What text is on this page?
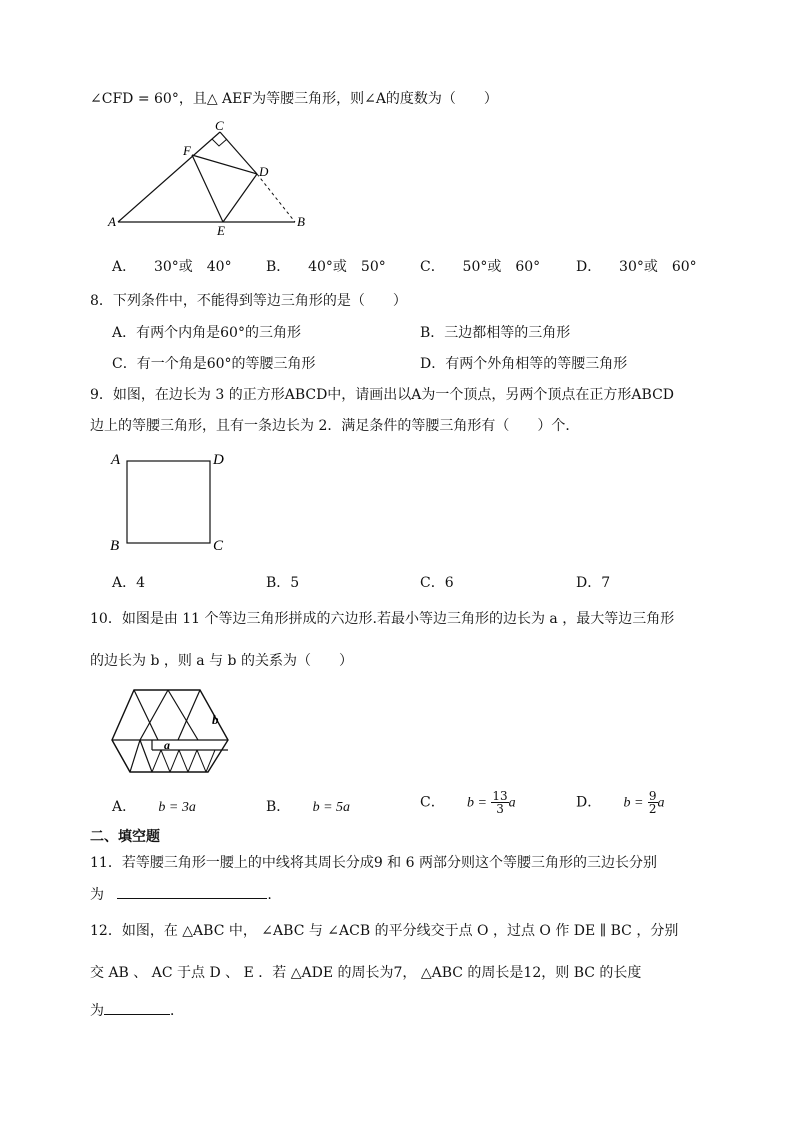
∠CFD = 60°，且△ AEF为等腰三角形，则∠A的度数为（　　）
C
F
D
A
E
B
A． 30°或　40° B． 40°或　50° C． 50°或　60°	D． 30°或　60°
8．下列条件中，不能得到等边三角形的是（　　）
A．有两个内角是60°的三角形	B．三边都相等的三角形
C．有一个角是60°的等腰三角形	D．有两个外角相等的等腰三角形
9．如图，在边长为 3 的正方形ABCD中，请画出以A为一个顶点，另两个顶点在正方形ABCD
边上的等腰三角形，且有一条边长为 2．满足条件的等腰三角形有（　　）个．
A	D
B	C
A．4	B．5	C．6	D．7
10．如图是由 11 个等边三角形拼成的六边形.若最小等边三角形的边长为 a ，最大等边三角形
的边长为 b ，则 a 与 b 的关系为（　　）
b
a
A． b = 3a	B． b = 5a	C． $b = \frac{13}{3}$ a	D． $b = \frac{9}{2}$ a
二、填空题
11．若等腰三角形一腰上的中线将其周长分成9 和 6 两部分则这个等腰三角形的三边长分别
为	.
12．如图，在 △ABC 中， ∠ABC 与 ∠ACB 的平分线交于点 O ，过点 O 作 DE ∥ BC ，分别
交 AB 、 AC 于点 D 、 E ．若 △ADE 的周长为7， △ABC 的周长是12，则 BC 的长度
为	．
